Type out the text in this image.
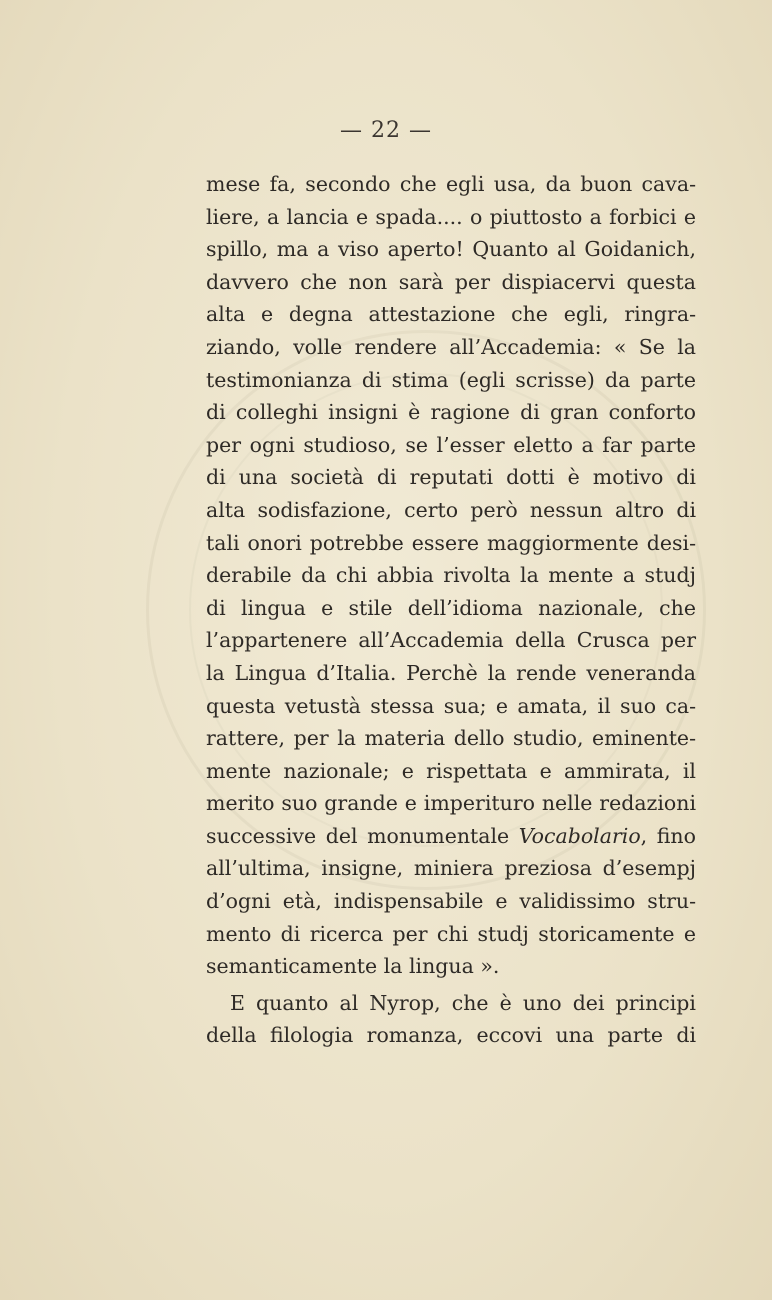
— 22 —
mese fa, secondo che egli usa, da buon cava-
liere, a lancia e spada.... o piuttosto a forbici e
spillo, ma a viso aperto! Quanto al Goidanich,
davvero che non sarà per dispiacervi questa
alta e degna attestazione che egli, ringra-
ziando, volle rendere all’Accademia: « Se la
testimonianza di stima (egli scrisse) da parte
di colleghi insigni è ragione di gran conforto
per ogni studioso, se l’esser eletto a far parte
di una società di reputati dotti è motivo di
alta sodisfazione, certo però nessun altro di
tali onori potrebbe essere maggiormente desi-
derabile da chi abbia rivolta la mente a studj
di lingua e stile dell’idioma nazionale, che
l’appartenere all’Accademia della Crusca per
la Lingua d’Italia. Perchè la rende veneranda
questa vetustà stessa sua; e amata, il suo ca-
rattere, per la materia dello studio, eminente-
mente nazionale; e rispettata e ammirata, il
merito suo grande e imperituro nelle redazioni
successive del monumentale Vocabolario, fino
all’ultima, insigne, miniera preziosa d’esempj
d’ogni età, indispensabile e validissimo stru-
mento di ricerca per chi studj storicamente e
semanticamente la lingua ».
E quanto al Nyrop, che è uno dei principi
della filologia romanza, eccovi una parte di
